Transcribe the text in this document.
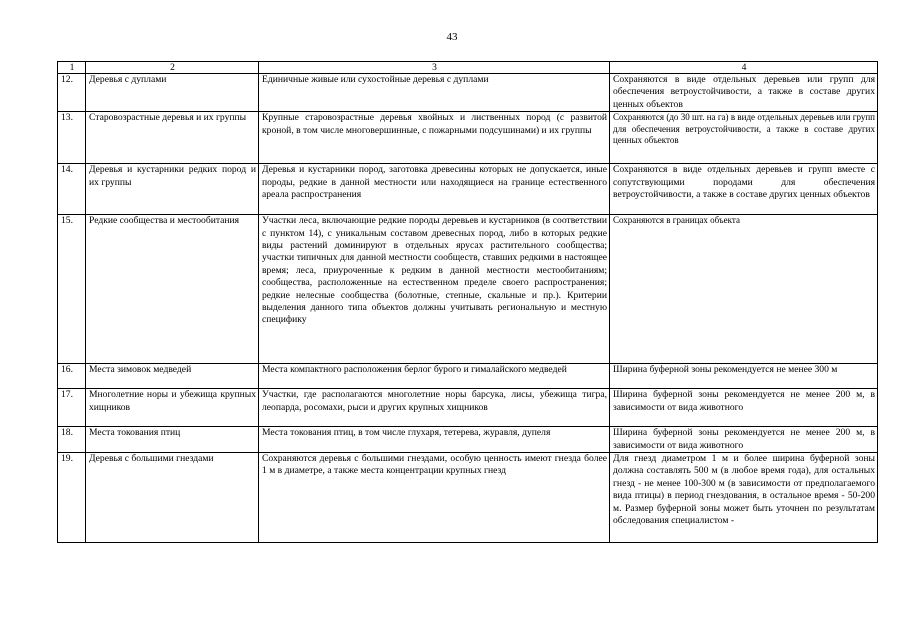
43
1	2	3	4
12.	Деревья с дуплами	Единичные живые или сухостойные деревья с дуплами	Сохраняются в виде отдельных деревьев или групп для обеспечения ветроустойчивости, а также в составе других ценных объектов
13.	Старовозрастные деревья и их группы	Крупные старовозрастные деревья хвойных и лиственных пород (с развитой кроной, в том числе многовершинные, с пожарными подсушинами) и их группы	Сохраняются (до 30 шт. на га) в виде отдельных деревьев или групп для обеспечения ветроустойчивости, а также в составе других ценных объектов
14.	Деревья и кустарники редких пород и их группы	Деревья и кустарники пород, заготовка древесины которых не допускается, иные породы, редкие в данной местности или находящиеся на границе естественного ареала распространения	Сохраняются в виде отдельных деревьев и групп вместе с сопутствующими породами для обеспечения ветроустойчивости, а также в составе других ценных объектов
15.	Редкие сообщества и местообитания	Участки леса, включающие редкие породы деревьев и кустарников (в соответствии с пунктом 14), с уникальным составом древесных пород, либо в которых редкие виды растений доминируют в отдельных ярусах растительного сообщества; участки типичных для данной местности сообществ, ставших редкими в настоящее время; леса, приуроченные к редким в данной местности местообитаниям; сообщества, расположенные на естественном пределе своего распространения; редкие нелесные сообщества (болотные, степные, скальные и пр.). Критерии выделения данного типа объектов должны учитывать региональную и местную специфику	Сохраняются в границах объекта
16.	Места зимовок медведей	Места компактного расположения берлог бурого и гималайского медведей	Ширина буферной зоны рекомендуется не менее 300 м
17.	Многолетние норы и убежища крупных хищников	Участки, где располагаются многолетние норы барсука, лисы, убежища тигра, леопарда, росомахи, рыси и других крупных хищников	Ширина буферной зоны рекомендуется не менее 200 м, в зависимости от вида животного
18.	Места токования птиц	Места токования птиц, в том числе глухаря, тетерева, журавля, дупеля	Ширина буферной зоны рекомендуется не менее 200 м, в зависимости от вида животного
19.	Деревья с большими гнездами	Сохраняются деревья с большими гнездами, особую ценность имеют гнезда более 1 м в диаметре, а также места концентрации крупных гнезд	Для гнезд диаметром 1 м и более ширина буферной зоны должна составлять 500 м (в любое время года), для остальных гнезд - не менее 100-300 м (в зависимости от предполагаемого вида птицы) в период гнездования, в остальное время - 50-200 м. Размер буферной зоны может быть уточнен по результатам обследования специалистом -
